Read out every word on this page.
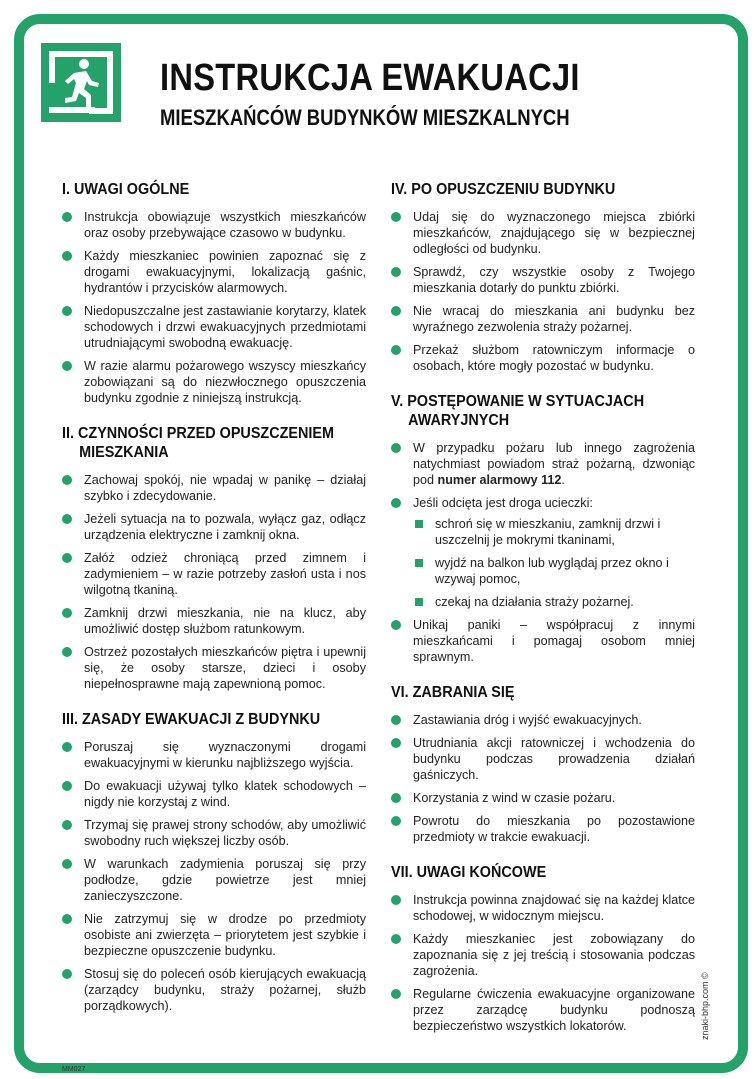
INSTRUKCJA EWAKUACJI
MIESZKAŃCÓW BUDYNKÓW MIESZKALNYCH
I. UWAGI OGÓLNE
Instrukcja obowiązuje wszystkich mieszkańców oraz osoby przebywające czasowo w budynku.
Każdy mieszkaniec powinien zapoznać się z drogami ewakuacyjnymi, lokalizacją gaśnic, hydrantów i przycisków alarmowych.
Niedopuszczalne jest zastawianie korytarzy, klatek schodowych i drzwi ewakuacyjnych przedmiotami utrudniającymi swobodną ewakuację.
W razie alarmu pożarowego wszyscy mieszkańcy zobowiązani są do niezwłocznego opuszczenia budynku zgodnie z niniejszą instrukcją.
II. CZYNNOŚCI PRZED OPUSZCZENIEM
MIESZKANIA
Zachowaj spokój, nie wpadaj w panikę – działaj szybko i zdecydowanie.
Jeżeli sytuacja na to pozwala, wyłącz gaz, odłącz urządzenia elektryczne i zamknij okna.
Załóż odzież chroniącą przed zimnem i zadymieniem – w razie potrzeby zasłoń usta i nos wilgotną tkaniną.
Zamknij drzwi mieszkania, nie na klucz, aby umożliwić dostęp służbom ratunkowym.
Ostrzeż pozostałych mieszkańców piętra i upewnij się, że osoby starsze, dzieci i osoby niepełnosprawne mają zapewnioną pomoc.
III. ZASADY EWAKUACJI Z BUDYNKU
Poruszaj się wyznaczonymi drogami ewakuacyjnymi w kierunku najbliższego wyjścia.
Do ewakuacji używaj tylko klatek schodowych – nigdy nie korzystaj z wind.
Trzymaj się prawej strony schodów, aby umożliwić swobodny ruch większej liczby osób.
W warunkach zadymienia poruszaj się przy podłodze, gdzie powietrze jest mniej zanieczyszczone.
Nie zatrzymuj się w drodze po przedmioty osobiste ani zwierzęta – priorytetem jest szybkie i bezpieczne opuszczenie budynku.
Stosuj się do poleceń osób kierujących ewakuacją (zarządcy budynku, straży pożarnej, służb porządkowych).
IV. PO OPUSZCZENIU BUDYNKU
Udaj się do wyznaczonego miejsca zbiórki mieszkańców, znajdującego się w bezpiecznej odległości od budynku.
Sprawdź, czy wszystkie osoby z Twojego mieszkania dotarły do punktu zbiórki.
Nie wracaj do mieszkania ani budynku bez wyraźnego zezwolenia straży pożarnej.
Przekaż służbom ratowniczym informacje o osobach, które mogły pozostać w budynku.
V. POSTĘPOWANIE W SYTUACJACH
AWARYJNYCH
W przypadku pożaru lub innego zagrożenia natychmiast powiadom straż pożarną, dzwoniąc pod numer alarmowy 112.
Jeśli odcięta jest droga ucieczki:
schroń się w mieszkaniu, zamknij drzwi i uszczelnij je mokrymi tkaninami,
wyjdź na balkon lub wyglądaj przez okno i wzywaj pomoc,
czekaj na działania straży pożarnej.
Unikaj paniki – współpracuj z innymi mieszkańcami i pomagaj osobom mniej sprawnym.
VI. ZABRANIA SIĘ
Zastawiania dróg i wyjść ewakuacyjnych.
Utrudniania akcji ratowniczej i wchodzenia do budynku podczas prowadzenia działań gaśniczych.
Korzystania z wind w czasie pożaru.
Powrotu do mieszkania po pozostawione przedmioty w trakcie ewakuacji.
VII. UWAGI KOŃCOWE
Instrukcja powinna znajdować się na każdej klatce schodowej, w widocznym miejscu.
Każdy mieszkaniec jest zobowiązany do zapoznania się z jej treścią i stosowania podczas zagrożenia.
Regularne ćwiczenia ewakuacyjne organizowane przez zarządcę budynku podnoszą bezpieczeństwo wszystkich lokatorów.	znaki-bhp.com ©
MM027
